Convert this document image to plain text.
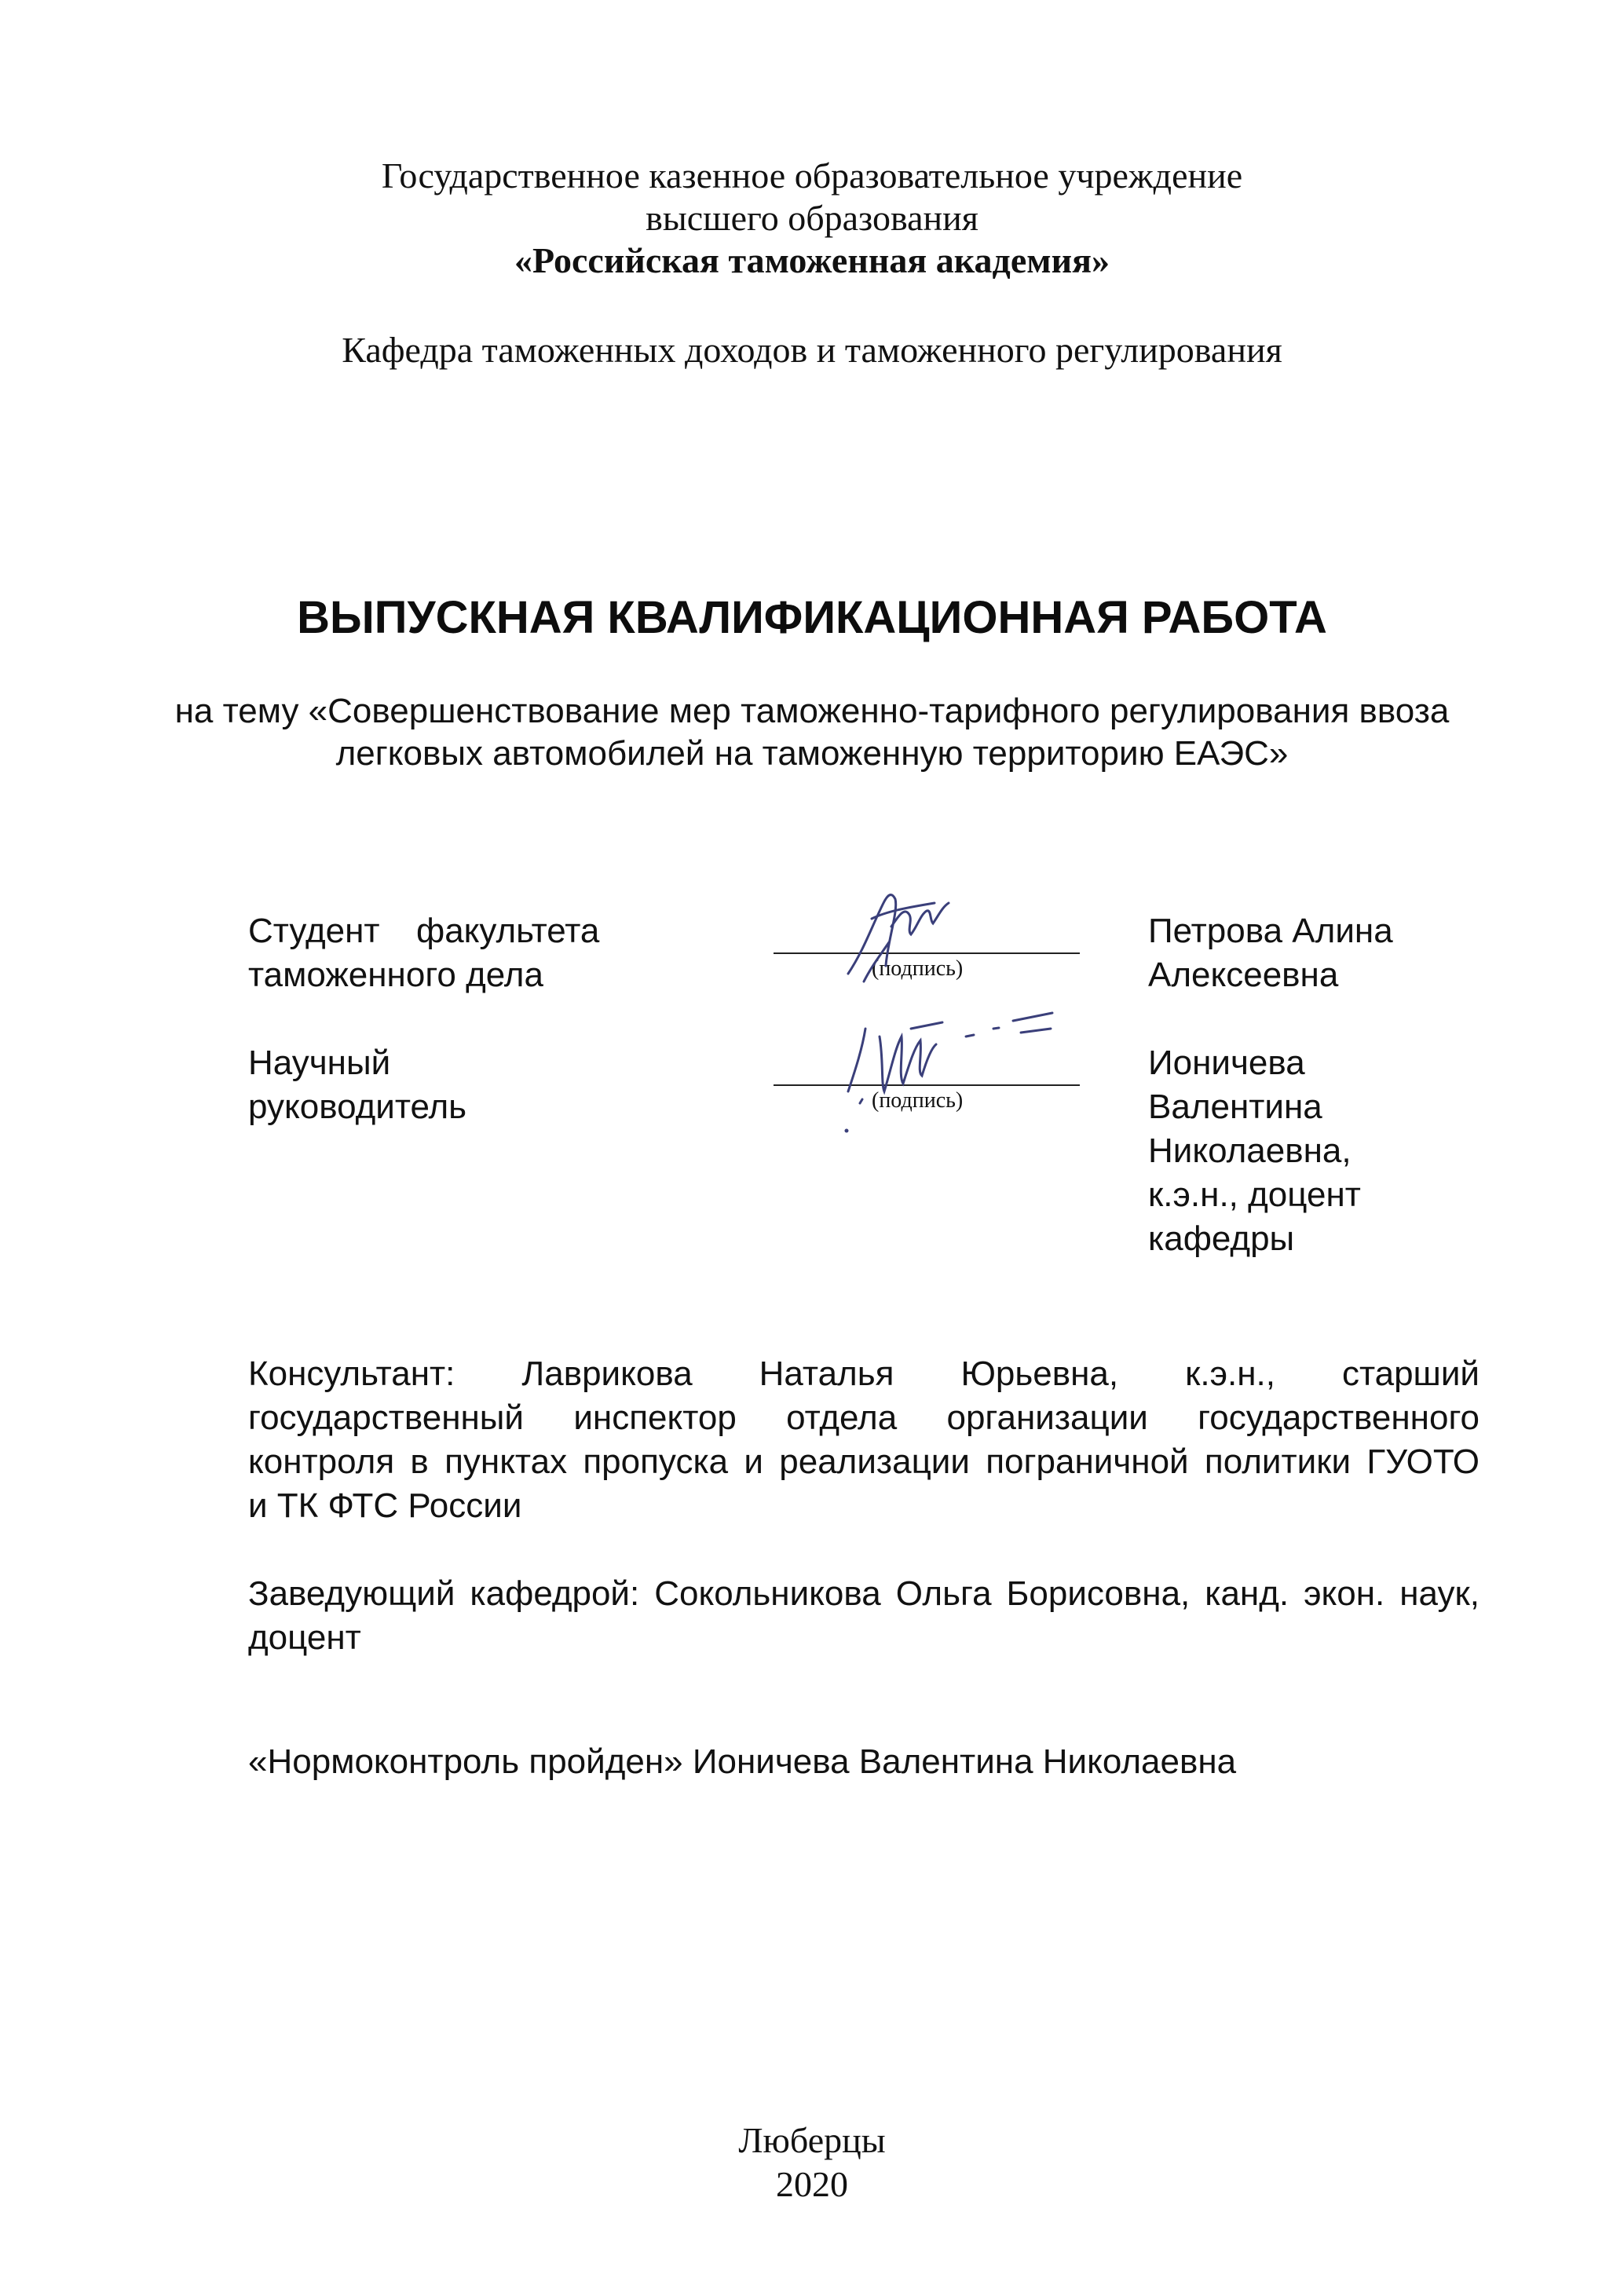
Государственное казенное образовательное учреждение
высшего образования
«Российская таможенная академия»
Кафедра таможенных доходов и таможенного регулирования
ВЫПУСКНАЯ КВАЛИФИКАЦИОННАЯ РАБОТА
на тему «Совершенствование мер таможенно-тарифного регулирования ввоза
легковых автомобилей на таможенную территорию ЕАЭС»
Студент факультета
таможенного дела	(подпись)
Петрова Алина
Алексеевна
Научный
руководитель	(подпись)
Ионичева
Валентина
Николаевна,
к.э.н., доцент
кафедры
Консультант: Лаврикова Наталья Юрьевна, к.э.н., старший
государственный инспектор отдела организации государственного
контроля в пунктах пропуска и реализации пограничной политики ГУОТО
и ТК ФТС России
Заведующий кафедрой: Сокольникова Ольга Борисовна, канд. экон. наук,
доцент
«Нормоконтроль пройден» Ионичева Валентина Николаевна
Люберцы
2020
